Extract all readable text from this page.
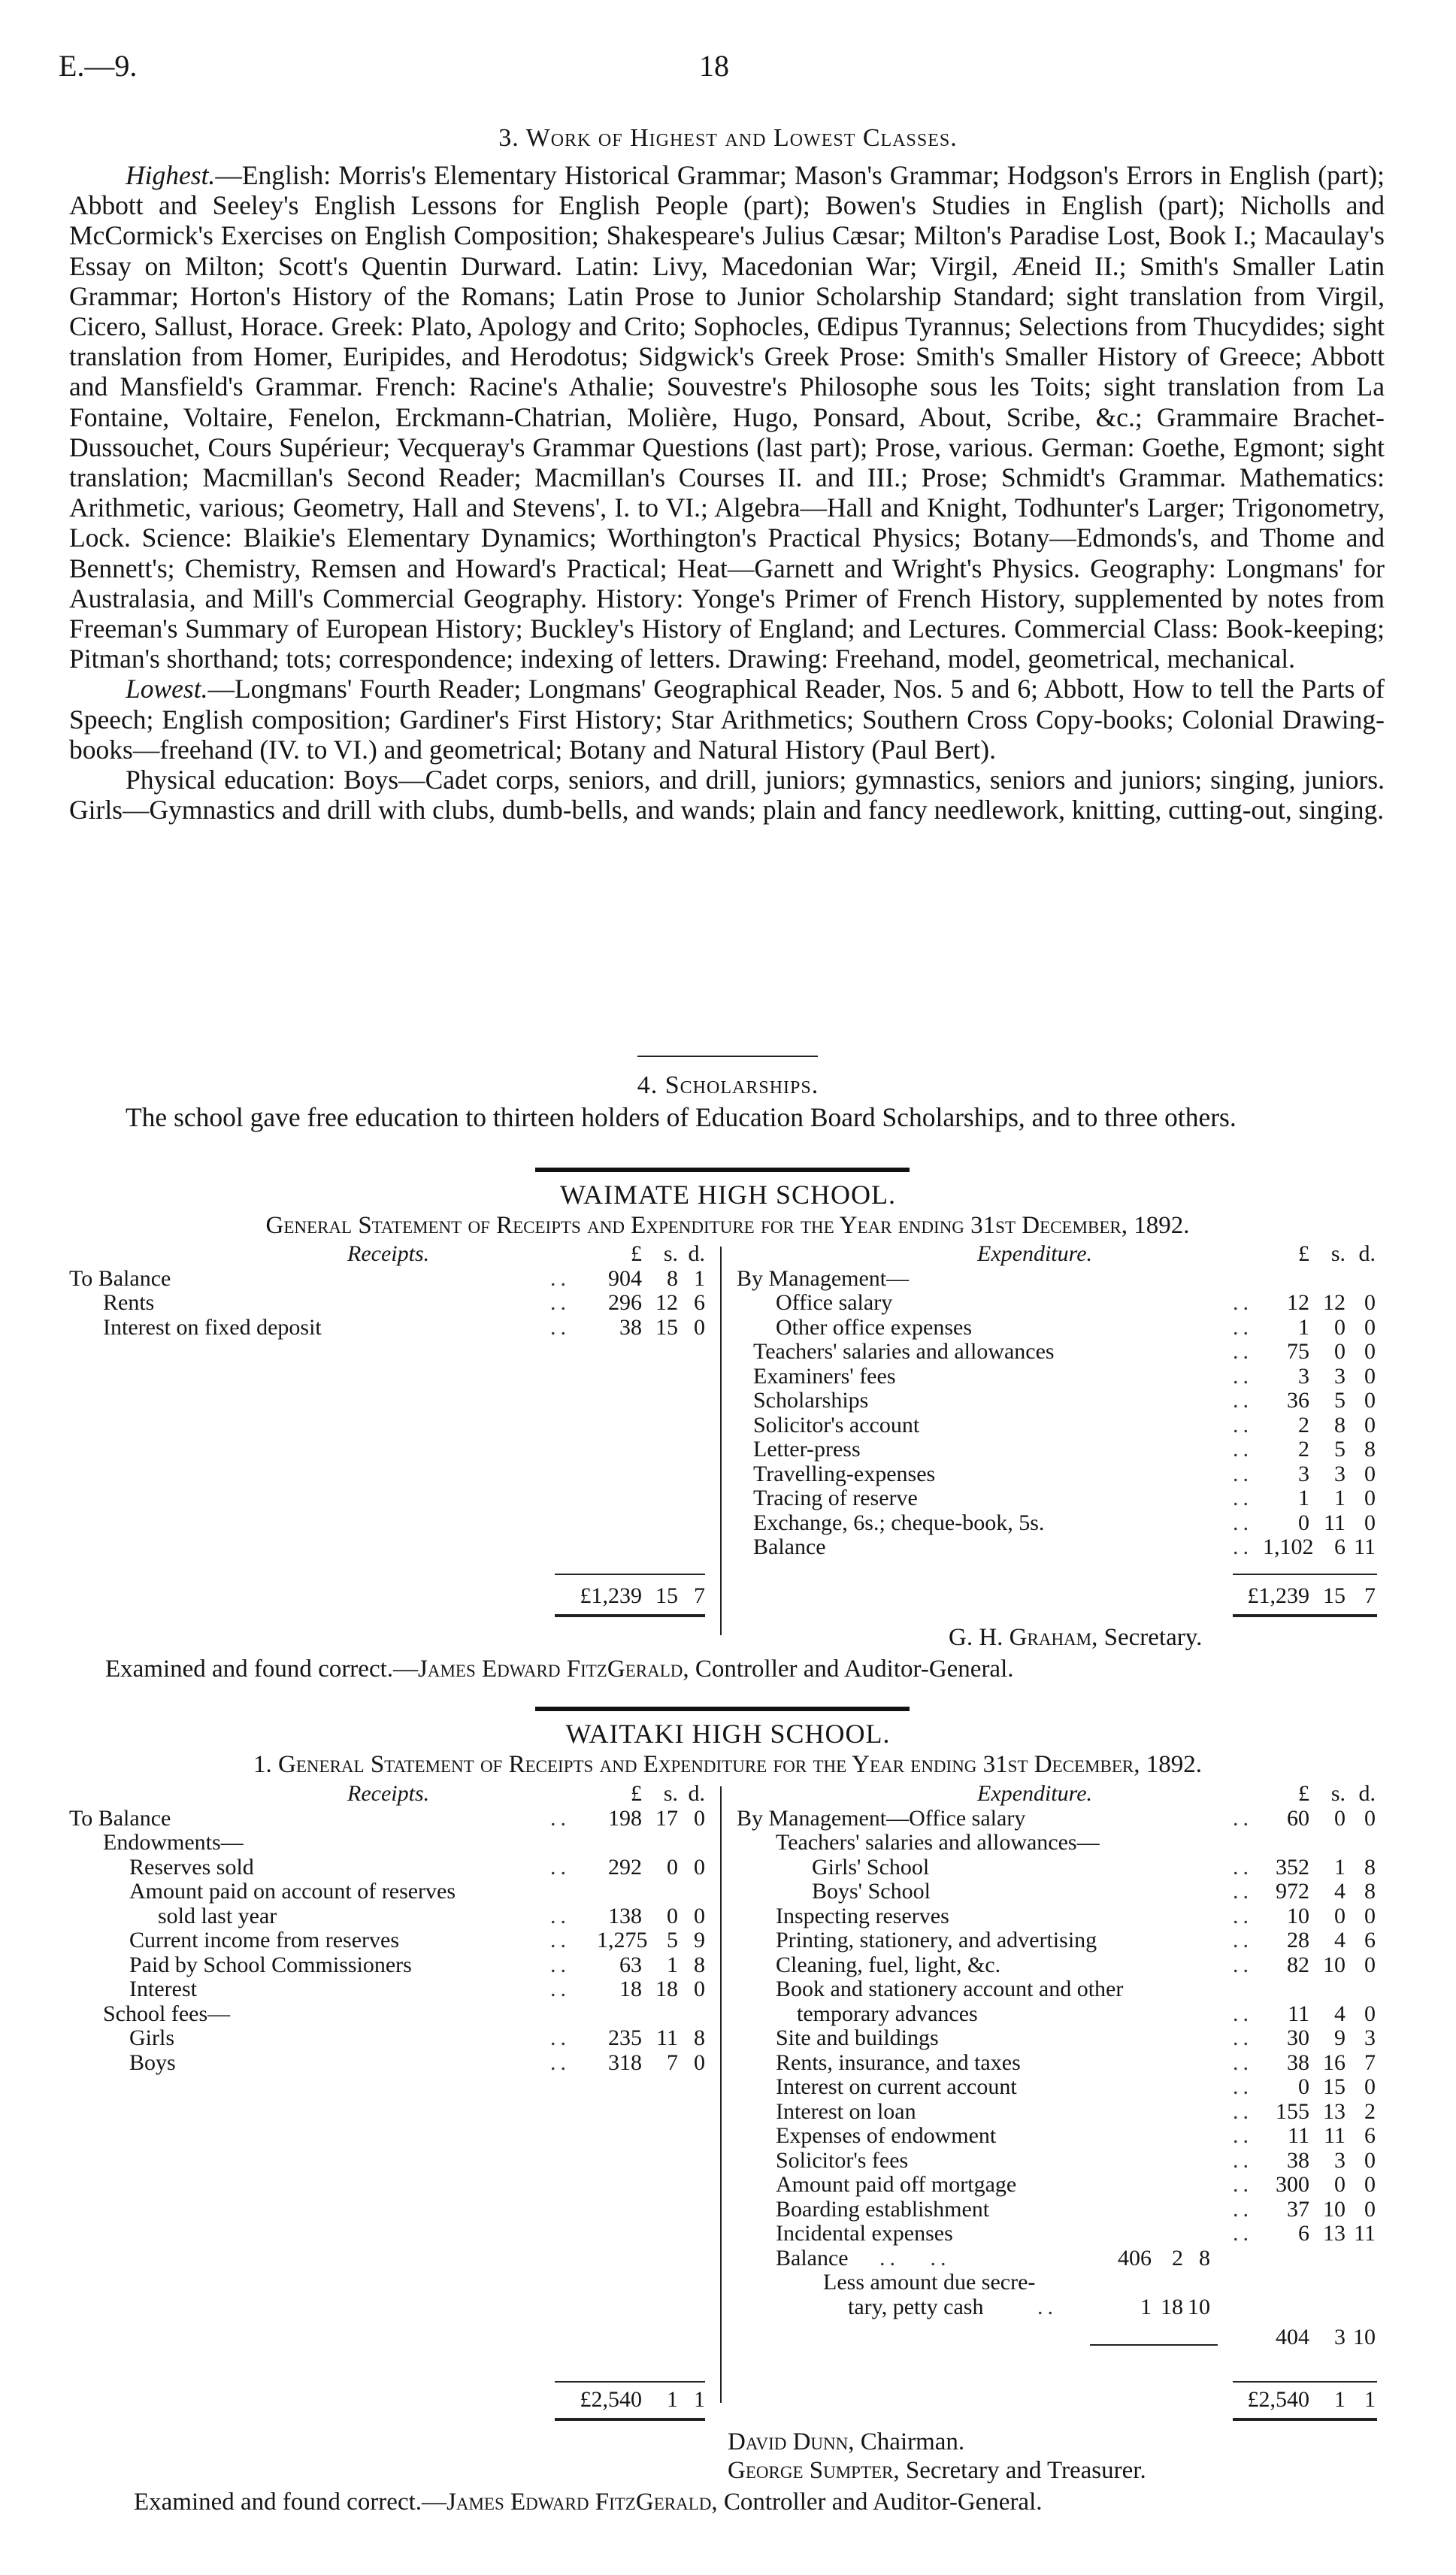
E.—9.	18
3. Work of Highest and Lowest Classes.

Highest.—English: Morris's Elementary Historical Grammar; Mason's Grammar; Hodgson's Errors in English (part); Abbott and Seeley's English Lessons for English People (part); Bowen's Studies in English (part); Nicholls and McCormick's Exercises on English Composition; Shakespeare's Julius Cæsar; Milton's Paradise Lost, Book I.; Macaulay's Essay on Milton; Scott's Quentin Durward. Latin: Livy, Macedonian War; Virgil, Æneid II.; Smith's Smaller Latin Grammar; Horton's History of the Romans; Latin Prose to Junior Scholarship Standard; sight translation from Virgil, Cicero, Sallust, Horace. Greek: Plato, Apology and Crito; Sophocles, Œdipus Tyrannus; Selections from Thucydides; sight translation from Homer, Euripides, and Herodotus; Sidgwick's Greek Prose: Smith's Smaller History of Greece; Abbott and Mansfield's Grammar. French: Racine's Athalie; Souvestre's Philosophe sous les Toits; sight translation from La Fontaine, Voltaire, Fenelon, Erckmann-Chatrian, Molière, Hugo, Ponsard, About, Scribe, &c.; Grammaire Brachet-Dussouchet, Cours Supérieur; Vecqueray's Grammar Questions (last part); Prose, various. German: Goethe, Egmont; sight translation; Macmillan's Second Reader; Macmillan's Courses II. and III.; Prose; Schmidt's Grammar. Mathematics: Arithmetic, various; Geometry, Hall and Stevens', I. to VI.; Algebra—Hall and Knight, Todhunter's Larger; Trigonometry, Lock. Science: Blaikie's Elementary Dynamics; Worthington's Practical Physics; Botany—Edmonds's, and Thome and Bennett's; Chemistry, Remsen and Howard's Practical; Heat—Garnett and Wright's Physics. Geography: Longmans' for Australasia, and Mill's Commercial Geography. History: Yonge's Primer of French History, supplemented by notes from Freeman's Summary of European History; Buckley's History of England; and Lectures. Commercial Class: Book-keeping; Pitman's shorthand; tots; correspondence; indexing of letters. Drawing: Freehand, model, geometrical, mechanical.

Lowest.—Longmans' Fourth Reader; Longmans' Geographical Reader, Nos. 5 and 6; Abbott, How to tell the Parts of Speech; English composition; Gardiner's First History; Star Arithmetics; Southern Cross Copy-books; Colonial Drawing-books—freehand (IV. to VI.) and geometrical; Botany and Natural History (Paul Bert).

Physical education: Boys—Cadet corps, seniors, and drill, juniors; gymnastics, seniors and juniors; singing, juniors. Girls—Gymnastics and drill with clubs, dumb-bells, and wands; plain and fancy needlework, knitting, cutting-out, singing.

4. Scholarships.

The school gave free education to thirteen holders of Education Board Scholarships, and to three others.

WAIMATE HIGH SCHOOL.
General Statement of Receipts and Expenditure for the Year ending 31st December, 1892.
Receipts.	£ s. d.
To Balance	..	904	8 1
Rents	..	296 12 6
Interest on fixed deposit	..	38 15 0
Expenditure.	£ s. d.
By Management—
Office salary	..	12 12 0
Other office expenses	..	1	0 0
Teachers' salaries and allowances	..	75	0 0
Examiners' fees	..	3	3 0
Scholarships	..	36	5 0
Solicitor's account	..	2	8 0
Letter-press	..	2	5 8
Travelling-expenses	..	3	3 0
Tracing of reserve	..	1	1 0
Exchange, 6s.; cheque-book, 5s.	..	0 11 0
Balance	.. 1,102 6 11
£1,239 15 7	£1,239 15 7
G. H. Graham, Secretary.
Examined and found correct.—James Edward FitzGerald, Controller and Auditor-General.
WAITAKI HIGH SCHOOL.
1. General Statement of Receipts and Expenditure for the Year ending 31st December, 1892.
Receipts.	£ s. d.
To Balance	..	198 17 0
Endowments—
Reserves sold	..	292	0 0
Amount paid on account of reserves
sold last year	..	138	0 0
Current income from reserves	.. 1,275 5 9
Paid by School Commissioners	..	63	1 8
Interest	..	18 18 0
School fees—
Girls	..	235 11 8
Boys	..	318	7 0
Expenditure.	£ s. d.
By Management—Office salary	..	60	0 0
Teachers' salaries and allowances—
Girls' School	..	352	1 8
Boys' School	..	972	4 8
Inspecting reserves	..	10	0 0
Printing, stationery, and advertising	..	28	4 6
Cleaning, fuel, light, &c.	..	82 10 0
Book and stationery account and other
temporary advances	..	11	4 0
Site and buildings	..	30	9 3
Rents, insurance, and taxes	..	38 16 7
Interest on current account	..	0 15 0
Interest on loan	..	155 13 2
Expenses of endowment	..	11 11 6
Solicitor's fees	..	38	3 0
Amount paid off mortgage	..	300	0 0
Boarding establishment	..	37 10 0
Incidental expenses	..	6 13 11
Balance ..   ..	406 2 8
Less amount due secre-
tary, petty cash ..	1 18 10
404	3 10
£2,540	1 1	£2,540	1 1
David Dunn, Chairman.
George Sumpter, Secretary and Treasurer.
Examined and found correct.—James Edward FitzGerald, Controller and Auditor-General.
